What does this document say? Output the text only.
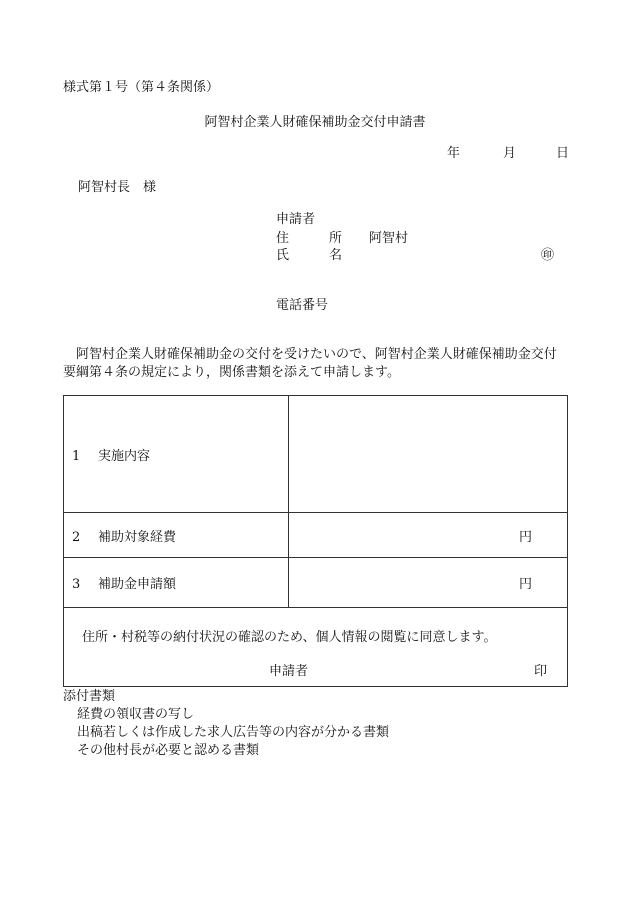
様式第１号（第４条関係）
阿智村企業人財確保補助金交付申請書
年	月	日
阿智村長　様
申請者
住	所 阿智村
氏	名	㊞
電話番号
阿智村企業人財確保補助金の交付を受けたいので、阿智村企業人財確保補助金交付要綱第４条の規定により，関係書類を添えて申請します。
1 実施内容	
2 補助対象経費	円
3 補助金申請額	円

住所・村税等の納付状況の確認のため、個人情報の閲覧に同意します。
申請者 印	
添付書類
経費の領収書の写し
出稿若しくは作成した求人広告等の内容が分かる書類
その他村長が必要と認める書類
